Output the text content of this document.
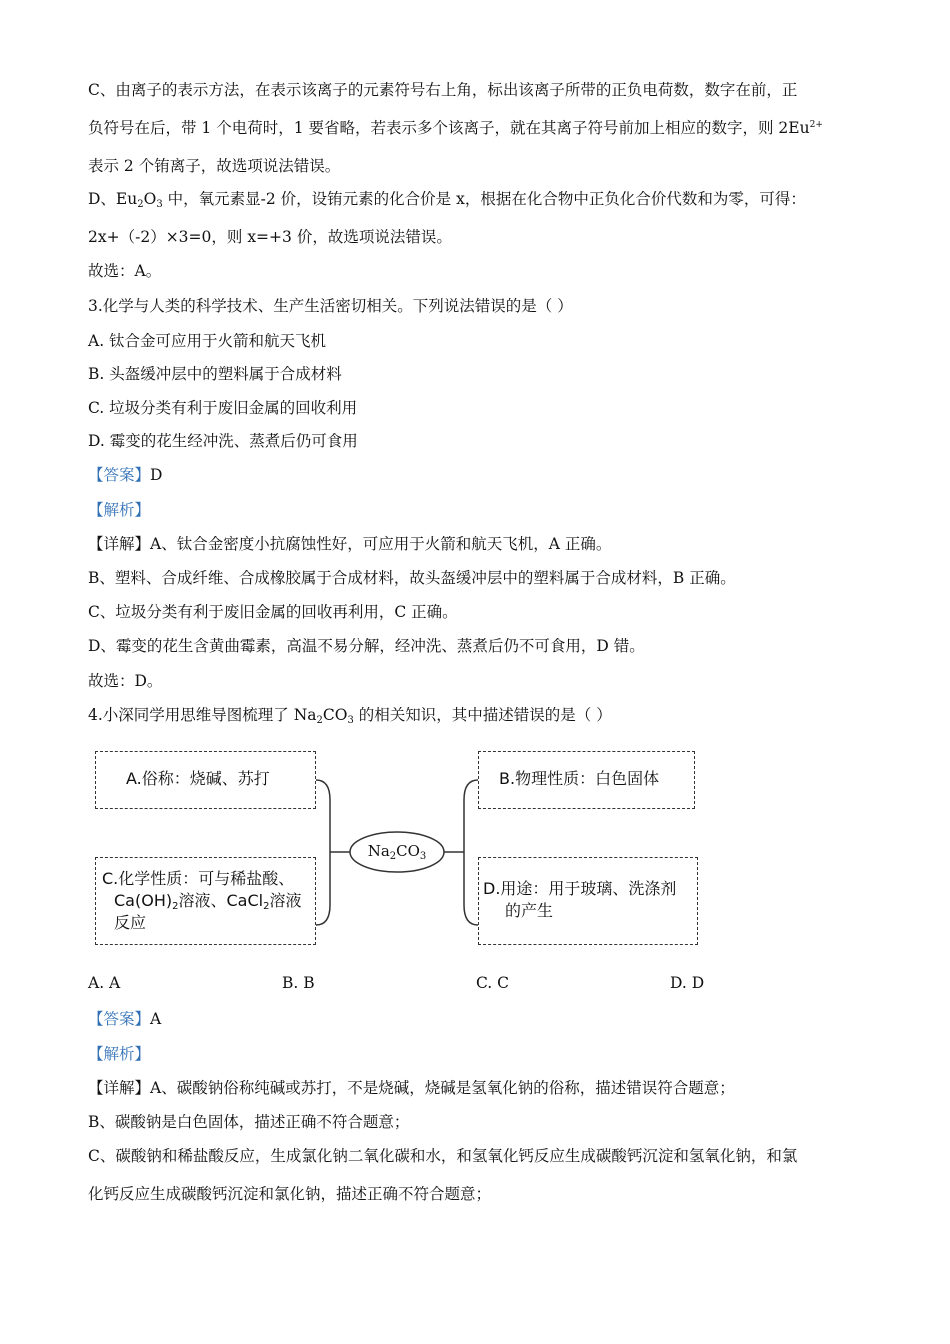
C、由离子的表示方法，在表示该离子的元素符号右上角，标出该离子所带的正负电荷数，数字在前，正
负符号在后，带 1 个电荷时，1 要省略，若表示多个该离子，就在其离子符号前加上相应的数字，则 $2Eu^{2+}$
表示 2 个铕离子，故选项说法错误。
D、$Eu_2O_3$ 中，氧元素显-2 价，设铕元素的化合价是 x，根据在化合物中正负化合价代数和为零，可得：
2x+（-2）×3=0，则 x=+3 价，故选项说法错误。
故选：A。
3.化学与人类的科学技术、生产生活密切相关。下列说法错误的是（ ）
A. 钛合金可应用于火箭和航天飞机
B. 头盔缓冲层中的塑料属于合成材料
C. 垃圾分类有利于废旧金属的回收利用
D. 霉变的花生经冲洗、蒸煮后仍可食用
【答案】D
【解析】
【详解】A、钛合金密度小抗腐蚀性好，可应用于火箭和航天飞机，A 正确。
B、塑料、合成纤维、合成橡胶属于合成材料，故头盔缓冲层中的塑料属于合成材料，B 正确。
C、垃圾分类有利于废旧金属的回收再利用，C 正确。
D、霉变的花生含黄曲霉素，高温不易分解，经冲洗、蒸煮后仍不可食用，D 错。
故选：D。
4.小深同学用思维导图梳理了 $Na_2CO_3$ 的相关知识，其中描述错误的是（ ）
$Na_2CO_3$
A.俗称：烧碱、苏打	B.物理性质：白色固体
C.化学性质：可与稀盐酸、
$Ca(OH)_2$溶液、CaCl$_2$溶液
反应
D.用途：用于玻璃、洗涤剂
的产生
A. A	B. B	C. C	D. D
【答案】A
【解析】
【详解】A、碳酸钠俗称纯碱或苏打，不是烧碱，烧碱是氢氧化钠的俗称，描述错误符合题意；
B、碳酸钠是白色固体，描述正确不符合题意；
C、碳酸钠和稀盐酸反应，生成氯化钠二氧化碳和水，和氢氧化钙反应生成碳酸钙沉淀和氢氧化钠，和氯
化钙反应生成碳酸钙沉淀和氯化钠，描述正确不符合题意；
